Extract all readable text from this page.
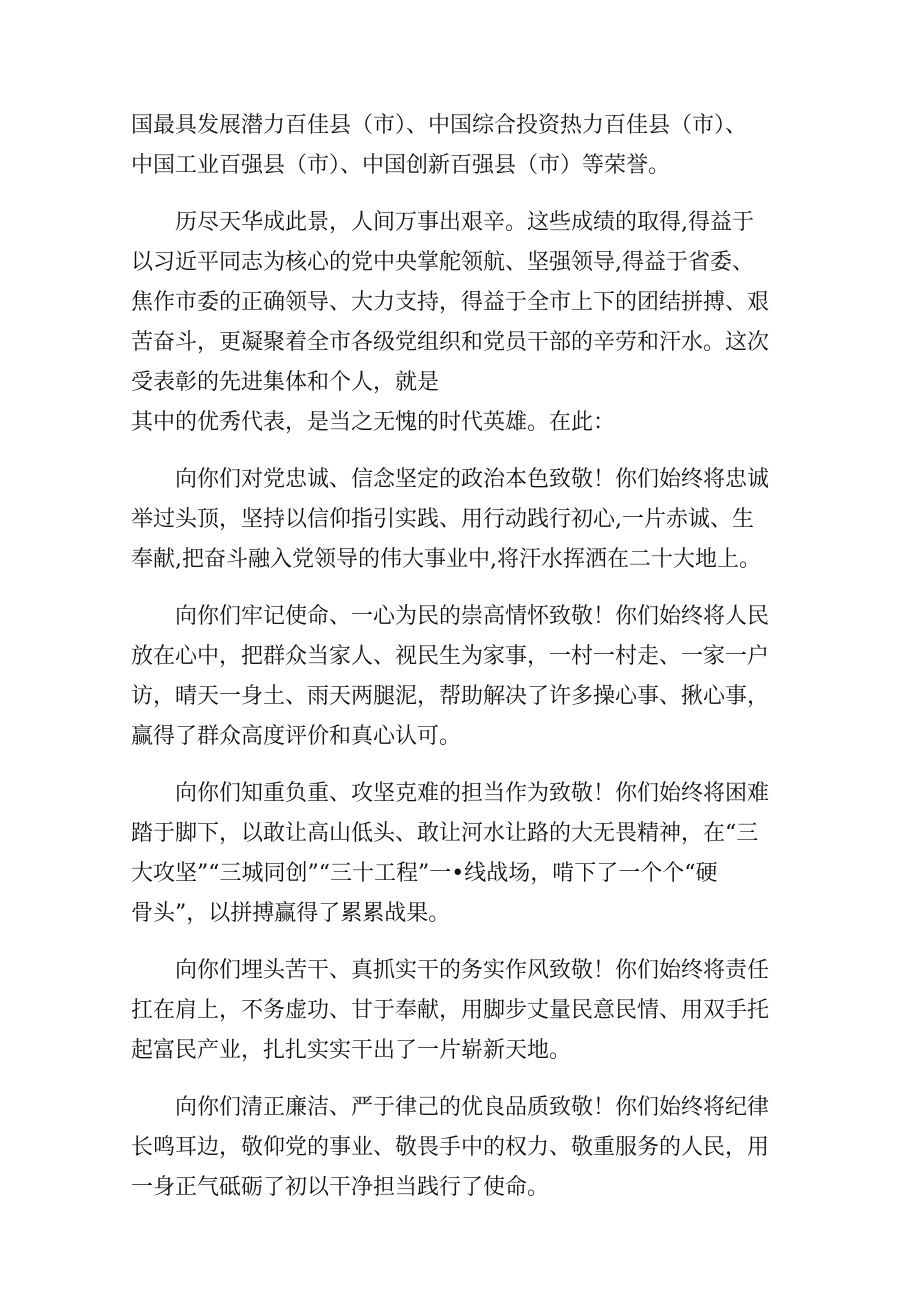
国最具发展潜力百佳县（市）、中国综合投资热力百佳县（市）、
中国工业百强县（市）、中国创新百强县（市）等荣誉。
历尽天华成此景，人间万事出艰辛。这些成绩的取得,得益于
以习近平同志为核心的党中央掌舵领航、坚强领导,得益于省委、
焦作市委的正确领导、大力支持，得益于全市上下的团结拼搏、艰
苦奋斗，更凝聚着全市各级党组织和党员干部的辛劳和汗水。这次
受表彰的先进集体和个人，就是
其中的优秀代表，是当之无愧的时代英雄。在此：
向你们对党忠诚、信念坚定的政治本色致敬！你们始终将忠诚
举过头顶，坚持以信仰指引实践、用行动践行初心,一片赤诚、生
奉献,把奋斗融入党领导的伟大事业中,将汗水挥洒在二十大地上。
向你们牢记使命、一心为民的崇高情怀致敬！你们始终将人民
放在心中，把群众当家人、视民生为家事，一村一村走、一家一户
访，晴天一身土、雨天两腿泥，帮助解决了许多操心事、揪心事，
赢得了群众高度评价和真心认可。
向你们知重负重、攻坚克难的担当作为致敬！你们始终将困难
踏于脚下，以敢让高山低头、敢让河水让路的大无畏精神，在“三
大攻坚”“三城同创”“三十工程”一•线战场，啃下了一个个“硬
骨头”，以拼搏赢得了累累战果。
向你们埋头苦干、真抓实干的务实作风致敬！你们始终将责任
扛在肩上，不务虚功、甘于奉献，用脚步丈量民意民情、用双手托
起富民产业，扎扎实实干出了一片崭新天地。
向你们清正廉洁、严于律己的优良品质致敬！你们始终将纪律
长鸣耳边，敬仰党的事业、敬畏手中的权力、敬重服务的人民，用
一身正气砥砺了初以干净担当践行了使命。
